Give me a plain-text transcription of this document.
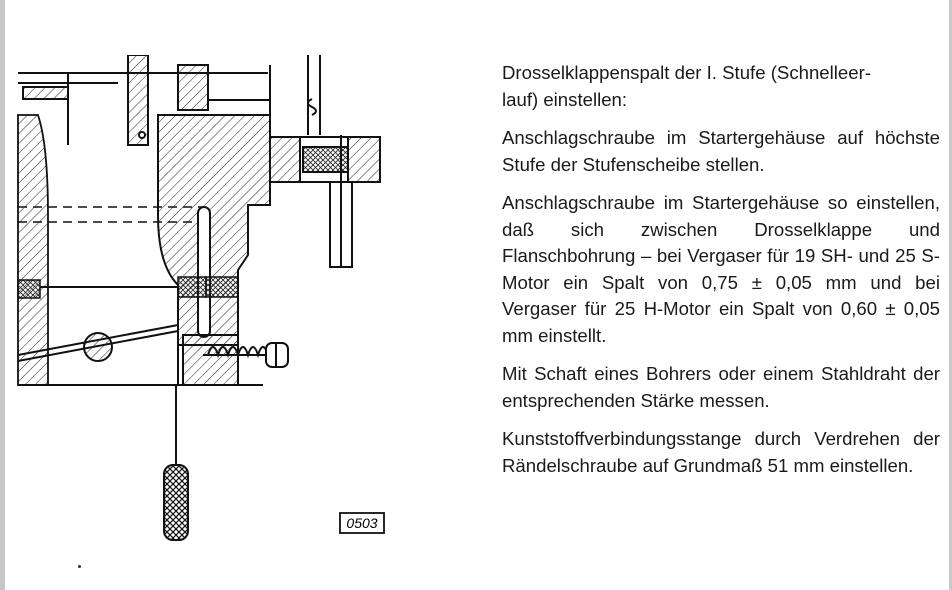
0503

Drosselklappenspalt der I. Stufe (Schnelleer-
lauf) einstellen:

Anschlagschraube im Startergehäuse auf höchste Stufe der Stufenscheibe stellen.

Anschlagschraube im Startergehäuse so einstellen, daß sich zwischen Drosselklappe und Flanschbohrung – bei Vergaser für 19 SH- und 25 S-Motor ein Spalt von 0,75 ± 0,05 mm und bei Vergaser für 25 H-Motor ein Spalt von 0,60 ± 0,05 mm einstellt.

Mit Schaft eines Bohrers oder einem Stahldraht der entsprechenden Stärke messen.

Kunststoffverbindungsstange durch Verdrehen der Rändelschraube auf Grundmaß 51 mm einstellen.
